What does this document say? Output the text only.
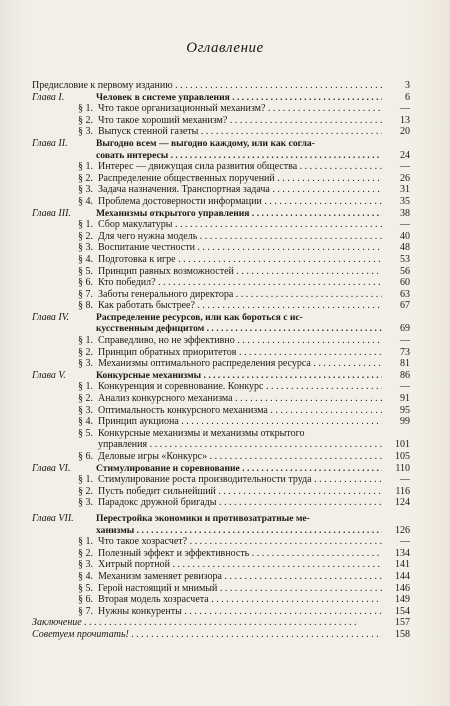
Оглавление
Предисловие к первому изданию . . .	3
Глава I.	Человек в системе управления . . .	6
§ 1. Что такое организационный механизм? . . .	—
§ 2. Что такое хороший механизм? . . .	13
§ 3. Выпуск стенной газеты . . .	20
Глава II.	Выгодно всем — выгодно каждому, или как согла-
совать интересы . . .	24
§ 1. Интерес — движущая сила развития общества . . .	—
§ 2. Распределение общественных поручений . . .	26
§ 3. Задача назначения. Транспортная задача . . .	31
§ 4. Проблема достоверности информации . . .	35
Глава III.	Механизмы открытого управления . . .	38
§ 1. Сбор макулатуры . . .	—
§ 2. Для чего нужна модель . . .	40
§ 3. Воспитание честности . . .	48
§ 4. Подготовка к игре . . .	53
§ 5. Принцип равных возможностей . . .	56
§ 6. Кто победил? . . .	60
§ 7. Заботы генерального директора . . .	63
§ 8. Как работать быстрее? . . .	67
Глава IV.	Распределение ресурсов, или как бороться с ис-
кусственным дефицитом . . .	69
§ 1. Справедливо, но не эффективно . . .	—
§ 2. Принцип обратных приоритетов . . .	73
§ 3. Механизмы оптимального распределения ресурса . . .	81
Глава V.	Конкурсные механизмы . . .	86
§ 1. Конкуренция и соревнование. Конкурс . . .	—
§ 2. Анализ конкурсного механизма . . .	91
§ 3. Оптимальность конкурсного механизма . . .	95
§ 4. Принцип аукциона . . .	99
§ 5. Конкурсные механизмы и механизмы открытого
управления . . .	101
§ 6. Деловые игры «Конкурс» . . .	105
Глава VI.	Стимулирование и соревнование . . .	110
§ 1. Стимулирование роста производительности труда . . .	—
§ 2. Пусть победит сильнейший . . .	116
§ 3. Парадокс дружной бригады . . .	124
Глава VII. Перестройка экономики и противозатратные ме-
ханизмы . . .	126
§ 1. Что такое хозрасчет? . . .	—
§ 2. Полезный эффект и эффективность . . .	134
§ 3. Хитрый портной . . .	141
§ 4. Механизм заменяет ревизора . . .	144
§ 5. Герой настоящий и мнимый . . .	146
§ 6. Вторая модель хозрасчета . . .	149
§ 7. Нужны конкуренты . . .	154
Заключение . . .	157
Советуем прочитать! . . .	158
